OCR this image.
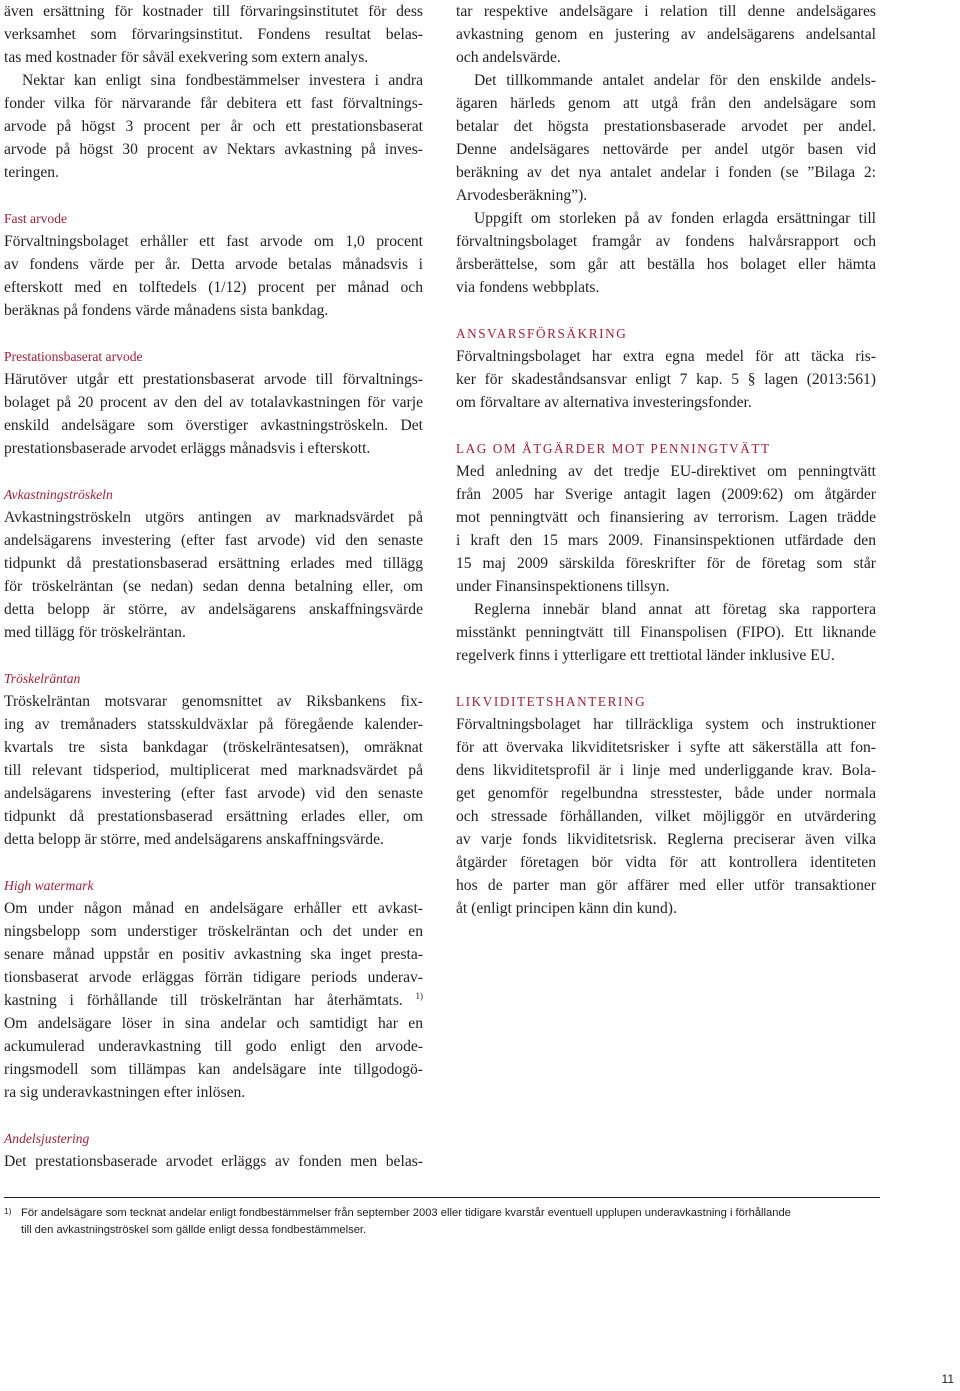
även ersättning för kostnader till förvaringsinstitutet för dess
verksamhet som förvaringsinstitut. Fondens resultat belas-
tas med kostnader för såväl exekvering som extern analys.
Nektar kan enligt sina fondbestämmelser investera i andra
fonder vilka för närvarande får debitera ett fast förvaltnings-
arvode på högst 3 procent per år och ett prestationsbaserat
arvode på högst 30 procent av Nektars avkastning på inves-
teringen.
Fast arvode
Förvaltningsbolaget erhåller ett fast arvode om 1,0 procent
av fondens värde per år. Detta arvode betalas månadsvis i
efterskott med en tolftedels (1/12) procent per månad och
beräknas på fondens värde månadens sista bankdag.
Prestationsbaserat arvode
Härutöver utgår ett prestationsbaserat arvode till förvaltnings-
bolaget på 20 procent av den del av totalavkastningen för varje
enskild andelsägare som överstiger avkastningströskeln. Det
prestationsbaserade arvodet erläggs månadsvis i efterskott.
Avkastningströskeln
Avkastningströskeln utgörs antingen av marknadsvärdet på
andelsägarens investering (efter fast arvode) vid den senaste
tidpunkt då prestationsbaserad ersättning erlades med tillägg
för tröskelräntan (se nedan) sedan denna betalning eller, om
detta belopp är större, av andelsägarens anskaffningsvärde
med tillägg för tröskelräntan.
Tröskelräntan
Tröskelräntan motsvarar genomsnittet av Riksbankens fix-
ing av tremånaders statsskuldväxlar på föregående kalender-
kvartals tre sista bankdagar (tröskelräntesatsen), omräknat
till relevant tidsperiod, multiplicerat med marknadsvärdet på
andelsägarens investering (efter fast arvode) vid den senaste
tidpunkt då prestationsbaserad ersättning erlades eller, om
detta belopp är större, med andelsägarens anskaffningsvärde.
High watermark
Om under någon månad en andelsägare erhåller ett avkast-
ningsbelopp som understiger tröskelräntan och det under en
senare månad uppstår en positiv avkastning ska inget presta-
tionsbaserat arvode erläggas förrän tidigare periods underav-
kastning i förhållande till tröskelräntan har återhämtats. $^{1)}$
Om andelsägare löser in sina andelar och samtidigt har en
ackumulerad underavkastning till godo enligt den arvode-
ringsmodell som tillämpas kan andelsägare inte tillgodogö-
ra sig underavkastningen efter inlösen.
Andelsjustering
Det prestationsbaserade arvodet erläggs av fonden men belas-
tar respektive andelsägare i relation till denne andelsägares
avkastning genom en justering av andelsägarens andelsantal
och andelsvärde.
Det tillkommande antalet andelar för den enskilde andels-
ägaren härleds genom att utgå från den andelsägare som
betalar det högsta prestationsbaserade arvodet per andel.
Denne andelsägares nettovärde per andel utgör basen vid
beräkning av det nya antalet andelar i fonden (se ”Bilaga 2:
Arvodesberäkning”).
Uppgift om storleken på av fonden erlagda ersättningar till
förvaltningsbolaget framgår av fondens halvårsrapport och
årsberättelse, som går att beställa hos bolaget eller hämta
via fondens webbplats.
ANSVARSFÖRSÄKRING
Förvaltningsbolaget har extra egna medel för att täcka ris-
ker för skadeståndsansvar enligt 7 kap. 5 § lagen (2013:561)
om förvaltare av alternativa investeringsfonder.
LAG OM ÅTGÄRDER MOT PENNINGTVÄTT
Med anledning av det tredje EU-direktivet om penningtvätt
från 2005 har Sverige antagit lagen (2009:62) om åtgärder
mot penningtvätt och finansiering av terrorism. Lagen trädde
i kraft den 15 mars 2009. Finansinspektionen utfärdade den
15 maj 2009 särskilda föreskrifter för de företag som står
under Finansinspektionens tillsyn.
Reglerna innebär bland annat att företag ska rapportera
misstänkt penningtvätt till Finanspolisen (FIPO). Ett liknande
regelverk finns i ytterligare ett trettiotal länder inklusive EU.
LIKVIDITETSHANTERING
Förvaltningsbolaget har tillräckliga system och instruktioner
för att övervaka likviditetsrisker i syfte att säkerställa att fon-
dens likviditetsprofil är i linje med underliggande krav. Bola-
get genomför regelbundna stresstester, både under normala
och stressade förhållanden, vilket möjliggör en utvärdering
av varje fonds likviditetsrisk. Reglerna preciserar även vilka
åtgärder företagen bör vidta för att kontrollera identiteten
hos de parter man gör affärer med eller utför transaktioner
åt (enligt principen känn din kund).
1) För andelsägare som tecknat andelar enligt fondbestämmelser från september 2003 eller tidigare kvarstår eventuell upplupen underavkastning i förhållande
till den avkastningströskel som gällde enligt dessa fondbestämmelser.
11
